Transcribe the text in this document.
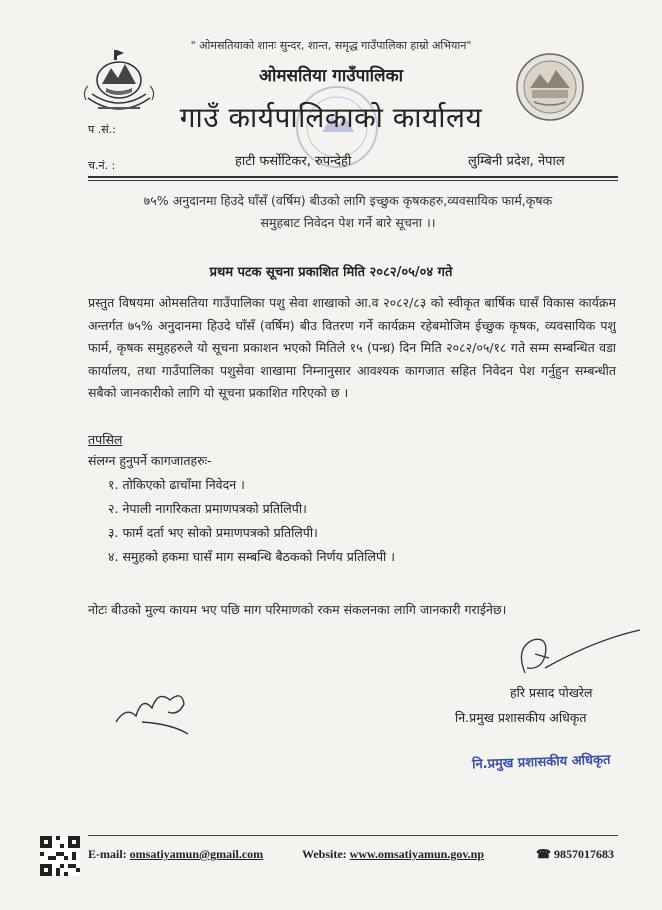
" ओमसतियाको शानः सुन्दर, शान्त, समृद्ध गाउँपालिका हाम्रो अभियान"
ओमसतिया गाउँपालिका
गाउँ कार्यपालिकाको कार्यालय
प .सं.:
च.नं. :	हाटी फर्सोटिकर, रुपन्देही	लुम्बिनी प्रदेश, नेपाल
७५% अनुदानमा हिउदे घाँसँ (वर्षिम) बीउको लागि इच्छुक कृषकहरु,व्यवसायिक फार्म,कृषक
समुहबाट निवेदन पेश गर्ने बारे सूचना ।।
प्रथम पटक सूचना प्रकाशित मिति २०८२/०५/०४ गते
प्रस्तुत विषयमा ओमसतिया गाउँपालिका पशु सेवा शाखाको आ.व २०८२/८३ को स्वीकृत बार्षिक घासँ विकास कार्यक्रम अन्तर्गत ७५% अनुदानमा हिउदे घाँसँ (वर्षिम) बीउ वितरण गर्ने कार्यक्रम रहेबमोजिम ईच्छुक कृषक, व्यवसायिक पशु फार्म, कृषक समुहहरुले यो सूचना प्रकाशन भएको मितिले १५ (पन्ध्र) दिन मिति २०८२/०५/१८ गते सम्म सम्बन्धित वडा कार्यालय, तथा गाउँपालिका पशुसेवा शाखामा निम्नानुसार आवश्यक कागजात सहित निवेदन पेश गर्नुहुन सम्बन्धीत सबैको जानकारीको लागि यो सूचना प्रकाशित गरिएको छ ।
तपसिल
संलग्न हुनुपर्ने कागजातहरुः-
१. तोकिएको ढाचाँमा निवेदन ।
२. नेपाली नागरिकता प्रमाणपत्रको प्रतिलिपी।
३. फार्म दर्ता भए सोको प्रमाणपत्रको प्रतिलिपी।
४. समुहको हकमा घासँ माग सम्बन्धि बैठकको निर्णय प्रतिलिपी ।
नोटः बीउको मुल्य कायम भए पछि माग परिमाणको रकम संकलनका लागि जानकारी गराईनेछ।
हरि प्रसाद पोखरेल
नि.प्रमुख प्रशासकीय अधिकृत
नि.प्रमुख प्रशासकीय अधिकृत
E-mail: omsatiyamun@gmail.com	Website: www.omsatiyamun.gov.np	☎ 9857017683
